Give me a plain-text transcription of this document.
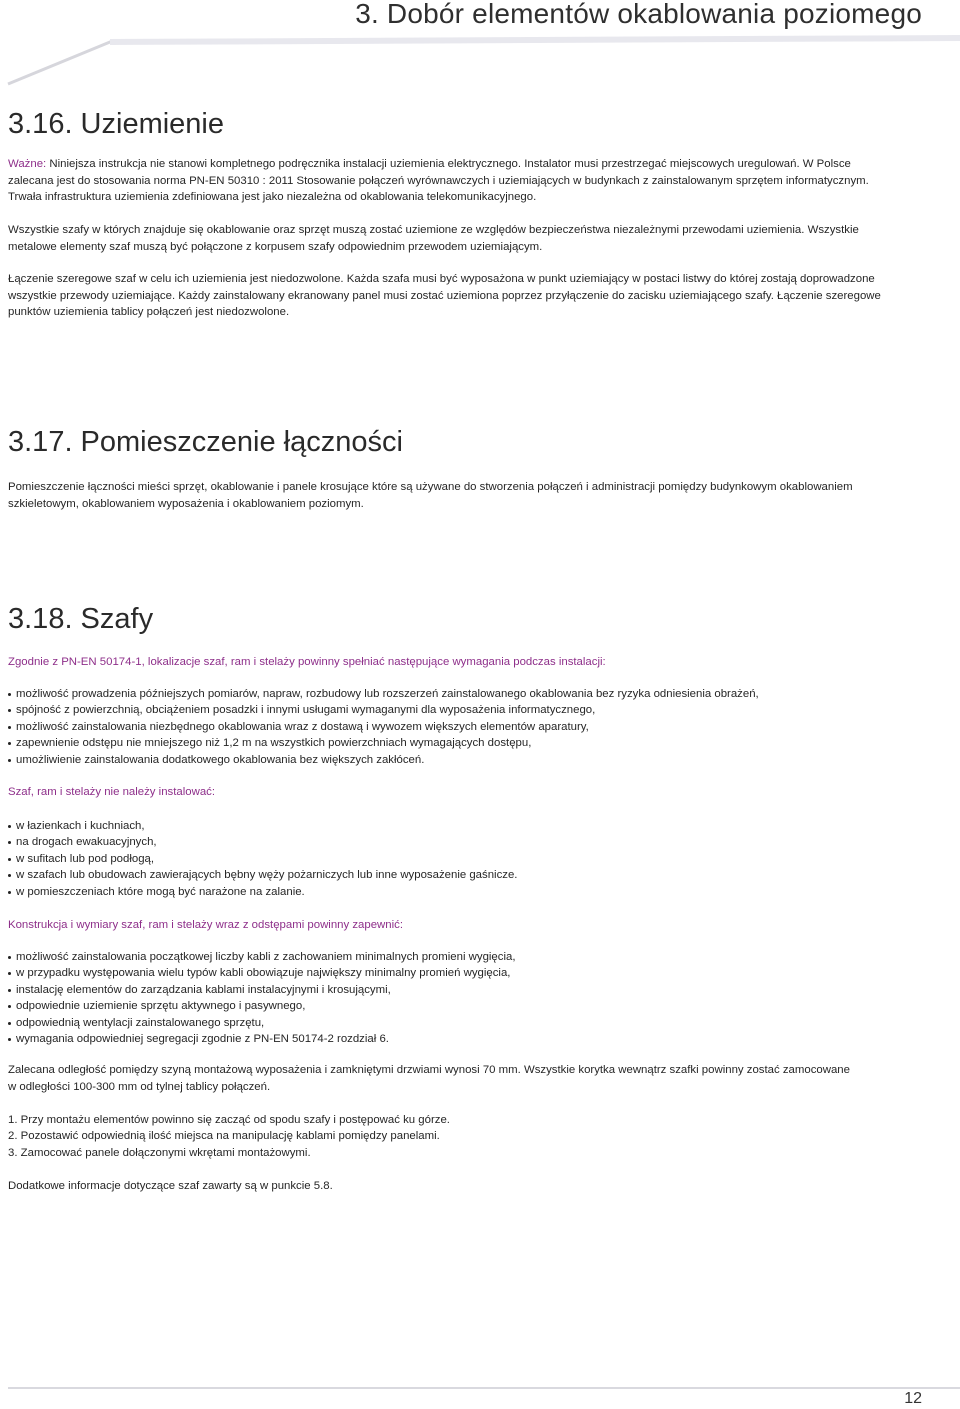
3. Dobór elementów okablowania poziomego
3.16. Uziemienie
Ważne: Niniejsza instrukcja nie stanowi kompletnego podręcznika instalacji uziemienia elektrycznego. Instalator musi przestrzegać miejscowych uregulowań. W Polsce
zalecana jest do stosowania norma PN-EN 50310 : 2011 Stosowanie połączeń wyrównawczych i uziemiających w budynkach z zainstalowanym sprzętem informatycznym.
Trwała infrastruktura uziemienia zdefiniowana jest jako niezależna od okablowania telekomunikacyjnego.
Wszystkie szafy w których znajduje się okablowanie oraz sprzęt muszą zostać uziemione ze względów bezpieczeństwa niezależnymi przewodami uziemienia. Wszystkie
metalowe elementy szaf muszą być połączone z korpusem szafy odpowiednim przewodem uziemiającym.
Łączenie szeregowe szaf w celu ich uziemienia jest niedozwolone. Każda szafa musi być wyposażona w punkt uziemiający w postaci listwy do której zostają doprowadzone
wszystkie przewody uziemiające. Każdy zainstalowany ekranowany panel musi zostać uziemiona poprzez przyłączenie do zacisku uziemiającego szafy. Łączenie szeregowe
punktów uziemienia tablicy połączeń jest niedozwolone.
3.17. Pomieszczenie łączności
Pomieszczenie łączności mieści sprzęt, okablowanie i panele krosujące które są używane do stworzenia połączeń i administracji pomiędzy budynkowym okablowaniem
szkieletowym, okablowaniem wyposażenia i okablowaniem poziomym.
3.18. Szafy
Zgodnie z PN-EN 50174-1, lokalizacje szaf, ram i stelaży powinny spełniać następujące wymagania podczas instalacji:
możliwość prowadzenia późniejszych pomiarów, napraw, rozbudowy lub rozszerzeń zainstalowanego okablowania bez ryzyka odniesienia obrażeń,
spójność z powierzchnią, obciążeniem posadzki i innymi usługami wymaganymi dla wyposażenia informatycznego,
możliwość zainstalowania niezbędnego okablowania wraz z dostawą i wywozem większych elementów aparatury,
zapewnienie odstępu nie mniejszego niż 1,2 m na wszystkich powierzchniach wymagających dostępu,
umożliwienie zainstalowania dodatkowego okablowania bez większych zakłóceń.
Szaf, ram i stelaży nie należy instalować:
w łazienkach i kuchniach,
na drogach ewakuacyjnych,
w sufitach lub pod podłogą,
w szafach lub obudowach zawierających bębny węży pożarniczych lub inne wyposażenie gaśnicze.
w pomieszczeniach które mogą być narażone na zalanie.
Konstrukcja i wymiary szaf, ram i stelaży wraz z odstępami powinny zapewnić:
możliwość zainstalowania początkowej liczby kabli z zachowaniem minimalnych promieni wygięcia,
w przypadku występowania wielu typów kabli obowiązuje największy minimalny promień wygięcia,
instalację elementów do zarządzania kablami instalacyjnymi i krosującymi,
odpowiednie uziemienie sprzętu aktywnego i pasywnego,
odpowiednią wentylacji zainstalowanego sprzętu,
wymagania odpowiedniej segregacji zgodnie z PN-EN 50174-2 rozdział 6.
Zalecana odległość pomiędzy szyną montażową wyposażenia i zamkniętymi drzwiami wynosi 70 mm. Wszystkie korytka wewnątrz szafki powinny zostać zamocowane
w odległości 100-300 mm od tylnej tablicy połączeń.
1. Przy montażu elementów powinno się zacząć od spodu szafy i postępować ku górze.
2. Pozostawić odpowiednią ilość miejsca na manipulację kablami pomiędzy panelami.
3. Zamocować panele dołączonymi wkrętami montażowymi.
Dodatkowe informacje dotyczące szaf zawarty są w punkcie 5.8.
12
